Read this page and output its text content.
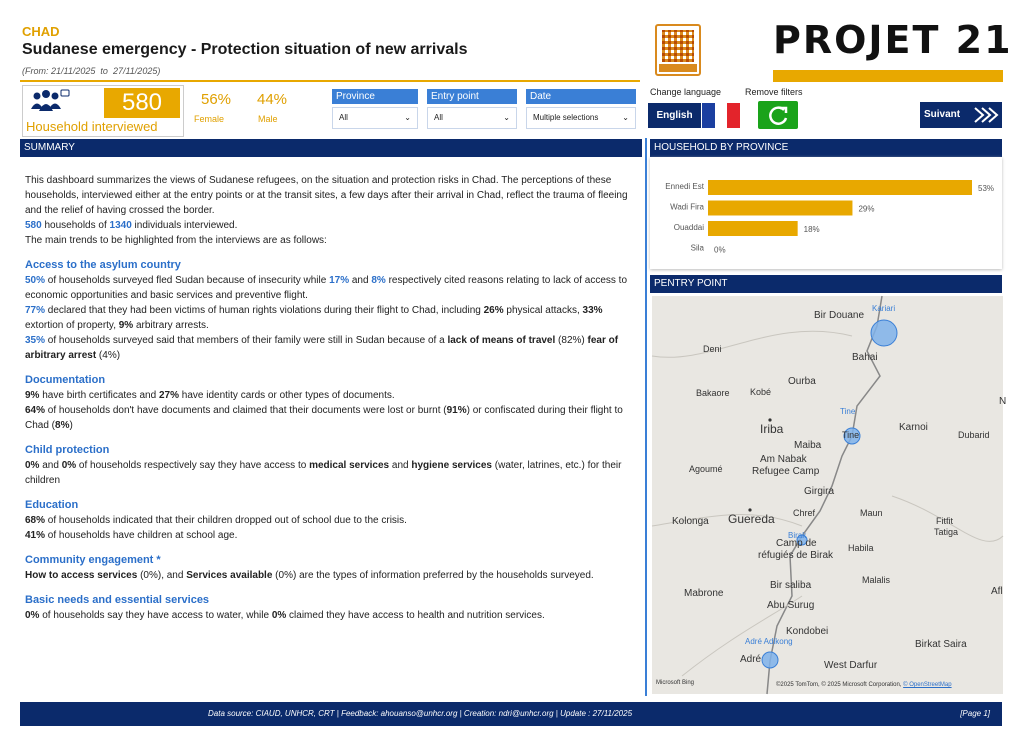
CHAD
Sudanese emergency - Protection situation of new arrivals
(From: 21/11/2025 to 27/11/2025)
PROJET 21
580
Household interviewed
56%
Female
44%
Male
Province
All	⌄
Entry point
All	⌄
Date
Multiple selections	⌄
Change language	Remove filters
English	Suivant
SUMMARY

This dashboard summarizes the views of Sudanese refugees, on the situation and protection risks in Chad. The perceptions of these households, interviewed either at the entry points or at the transit sites, a few days after their arrival in Chad, reflect the trauma of fleeing and the relief of having crossed the border.

580 households of 1340 individuals interviewed.

The main trends to be highlighted from the interviews are as follows:

Access to the asylum country

50% of households surveyed fled Sudan because of insecurity while 17% and 8% respectively cited reasons relating to lack of access to economic opportunities and basic services and preventive flight.

77% declared that they had been victims of human rights violations during their flight to Chad, including 26% physical attacks, 33% extortion of property, 9% arbitrary arrests.

35% of households surveyed said that members of their family were still in Sudan because of a lack of means of travel (82%) fear of arbitrary arrest (4%)

Documentation

9% have birth certificates and 27% have identity cards or other types of documents.

64% of households don't have documents and claimed that their documents were lost or burnt (91%) or confiscated during their flight to Chad (8%)

Child protection

0% and 0% of households respectively say they have access to medical services and hygiene services (water, latrines, etc.) for their children

Education

68% of households indicated that their children dropped out of school due to the crisis.

41% of households have children at school age.

Community engagement *

How to access services (0%), and Services available (0%) are the types of information preferred by the households surveyed.

Basic needs and essential services

0% of households say they have access to water, while 0% claimed they have access to health and nutrition services.

HOUSEHOLD BY PROVINCE
Ennedi Est	53%
Wadi Fira	29%
Ouaddai	18%
Sila 0%
PENTRY POINT
Bir Douane
Kariari
Deni
Bahai
Ourba
Bakaore Kobé
Tine
Iriba	Tine
Karnoi
Dubarid
Maiba
Am Nabak
Refugee Camp
Agoumé
Girgira
Kolonga Guereda Chref	Maun
Fitfit
Tatiga
Birak
Camp de
réfugiés de Birak
Habila
Malalis
Mabrone
Bir saliba
Abu Surug
Kondobei
Adré Adikong	Birkat Saira
Adré
West Darfur
Afl
N
Microsoft Bing	©2025 TomTom, © 2025 Microsoft Corporation, © OpenStreetMap
Data source: CIAUD, UNHCR, CRT | Feedback: ahouanso@unhcr.org | Creation: ndri@unhcr.org | Update : 27/11/2025	[Page 1]
